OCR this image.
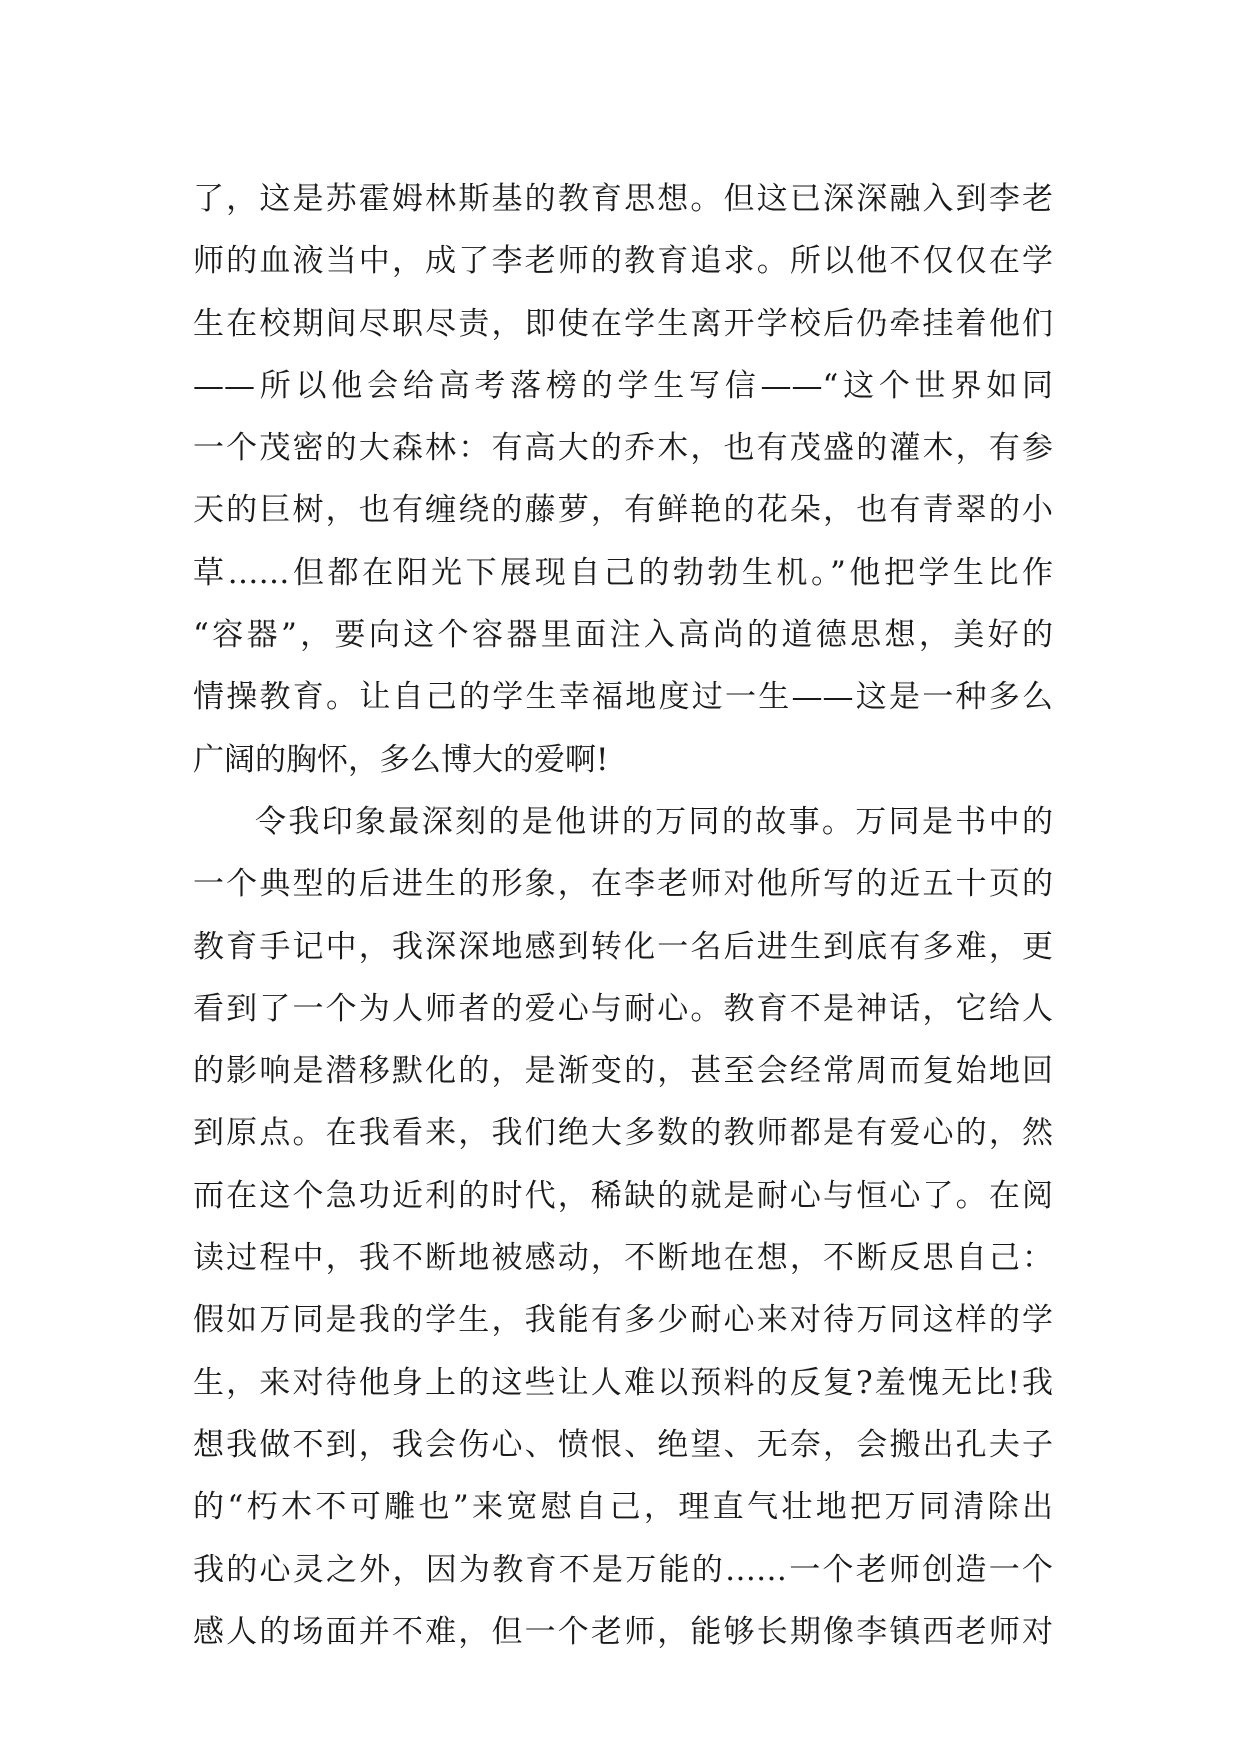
了，这是苏霍姆林斯基的教育思想。但这已深深融入到李老
师的血液当中，成了李老师的教育追求。所以他不仅仅在学
生在校期间尽职尽责，即使在学生离开学校后仍牵挂着他们
——所以他会给高考落榜的学生写信——“这个世界如同
一个茂密的大森林：有高大的乔木，也有茂盛的灌木，有参
天的巨树，也有缠绕的藤萝，有鲜艳的花朵，也有青翠的小
草……但都在阳光下展现自己的勃勃生机。”他把学生比作
“容器”，要向这个容器里面注入高尚的道德思想，美好的
情操教育。让自己的学生幸福地度过一生——这是一种多么
广阔的胸怀，多么博大的爱啊!
令我印象最深刻的是他讲的万同的故事。万同是书中的
一个典型的后进生的形象，在李老师对他所写的近五十页的
教育手记中，我深深地感到转化一名后进生到底有多难，更
看到了一个为人师者的爱心与耐心。教育不是神话，它给人
的影响是潜移默化的，是渐变的，甚至会经常周而复始地回
到原点。在我看来，我们绝大多数的教师都是有爱心的，然
而在这个急功近利的时代，稀缺的就是耐心与恒心了。在阅
读过程中，我不断地被感动，不断地在想，不断反思自己：
假如万同是我的学生，我能有多少耐心来对待万同这样的学
生，来对待他身上的这些让人难以预料的反复?羞愧无比!我
想我做不到，我会伤心、愤恨、绝望、无奈，会搬出孔夫子
的“朽木不可雕也”来宽慰自己，理直气壮地把万同清除出
我的心灵之外，因为教育不是万能的……一个老师创造一个
感人的场面并不难，但一个老师，能够长期像李镇西老师对
